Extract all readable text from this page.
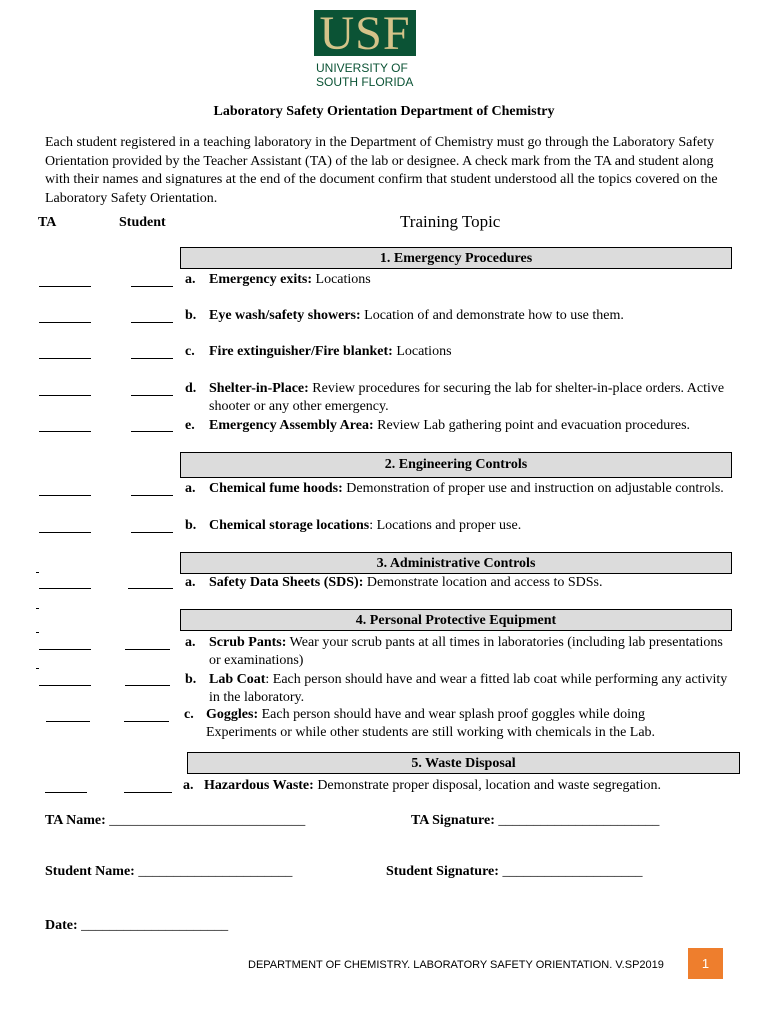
USF
UNIVERSITY OF
SOUTH FLORIDA
Laboratory Safety Orientation Department of Chemistry
Each student registered in a teaching laboratory in the Department of Chemistry must go through the Laboratory Safety Orientation provided by the Teacher Assistant (TA) of the lab or designee. A check mark from the TA and student along with their names and signatures at the end of the document confirm that student understood all the topics covered on the Laboratory Safety Orientation.
TA	Student	Training Topic
1. Emergency Procedures
a. Emergency exits: Locations
b. Eye wash/safety showers: Location of and demonstrate how to use them.
c. Fire extinguisher/Fire blanket: Locations
d. Shelter-in-Place: Review procedures for securing the lab for shelter-in-place orders. Active shooter or any other emergency.
e. Emergency Assembly Area: Review Lab gathering point and evacuation procedures.
2. Engineering Controls
a. Chemical fume hoods: Demonstration of proper use and instruction on adjustable controls.
b. Chemical storage locations: Locations and proper use.
3. Administrative Controls
a. Safety Data Sheets (SDS): Demonstrate location and access to SDSs.
4. Personal Protective Equipment
a. Scrub Pants: Wear your scrub pants at all times in laboratories (including lab presentations or examinations)
b. Lab Coat: Each person should have and wear a fitted lab coat while performing any activity in the laboratory.
c. Goggles: Each person should have and wear splash proof goggles while doing Experiments or while other students are still working with chemicals in the Lab.
5. Waste Disposal
a. Hazardous Waste: Demonstrate proper disposal, location and waste segregation.
TA Name: ____________________________	TA Signature: _______________________
Student Name: ______________________	Student Signature: ____________________
Date: _____________________
DEPARTMENT OF CHEMISTRY. LABORATORY SAFETY ORIENTATION. V.SP2019	1
